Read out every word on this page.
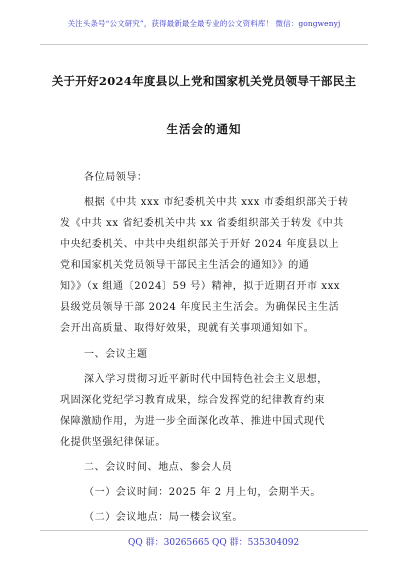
关注头条号“公文研究”，获得最新最全最专业的公文资料库！ 微信：gongwenyj
关于开好2024年度县以上党和国家机关党员领导干部民主
生活会的通知
各位局领导：
根据《中共 xxx 市纪委机关中共 xxx 市委组织部关于转
发《中共 xx 省纪委机关中共 xx 省委组织部关于转发《中共
中央纪委机关、中共中央组织部关于开好 2024 年度县以上
党和国家机关党员领导干部民主生活会的通知》》的通
知》》（x 组通〔2024〕59 号）精神，拟于近期召开市 xxx
县级党员领导干部 2024 年度民主生活会。为确保民主生活
会开出高质量、取得好效果，现就有关事项通知如下。
一、会议主题
深入学习贯彻习近平新时代中国特色社会主义思想，
巩固深化党纪学习教育成果，综合发挥党的纪律教育约束
保障激励作用，为进一步全面深化改革、推进中国式现代
化提供坚强纪律保证。
二、会议时间、地点、参会人员
（一）会议时间：2025 年 2 月上旬，会期半天。
（二）会议地点：局一楼会议室。
QQ 群：30265665 QQ 群：535304092
